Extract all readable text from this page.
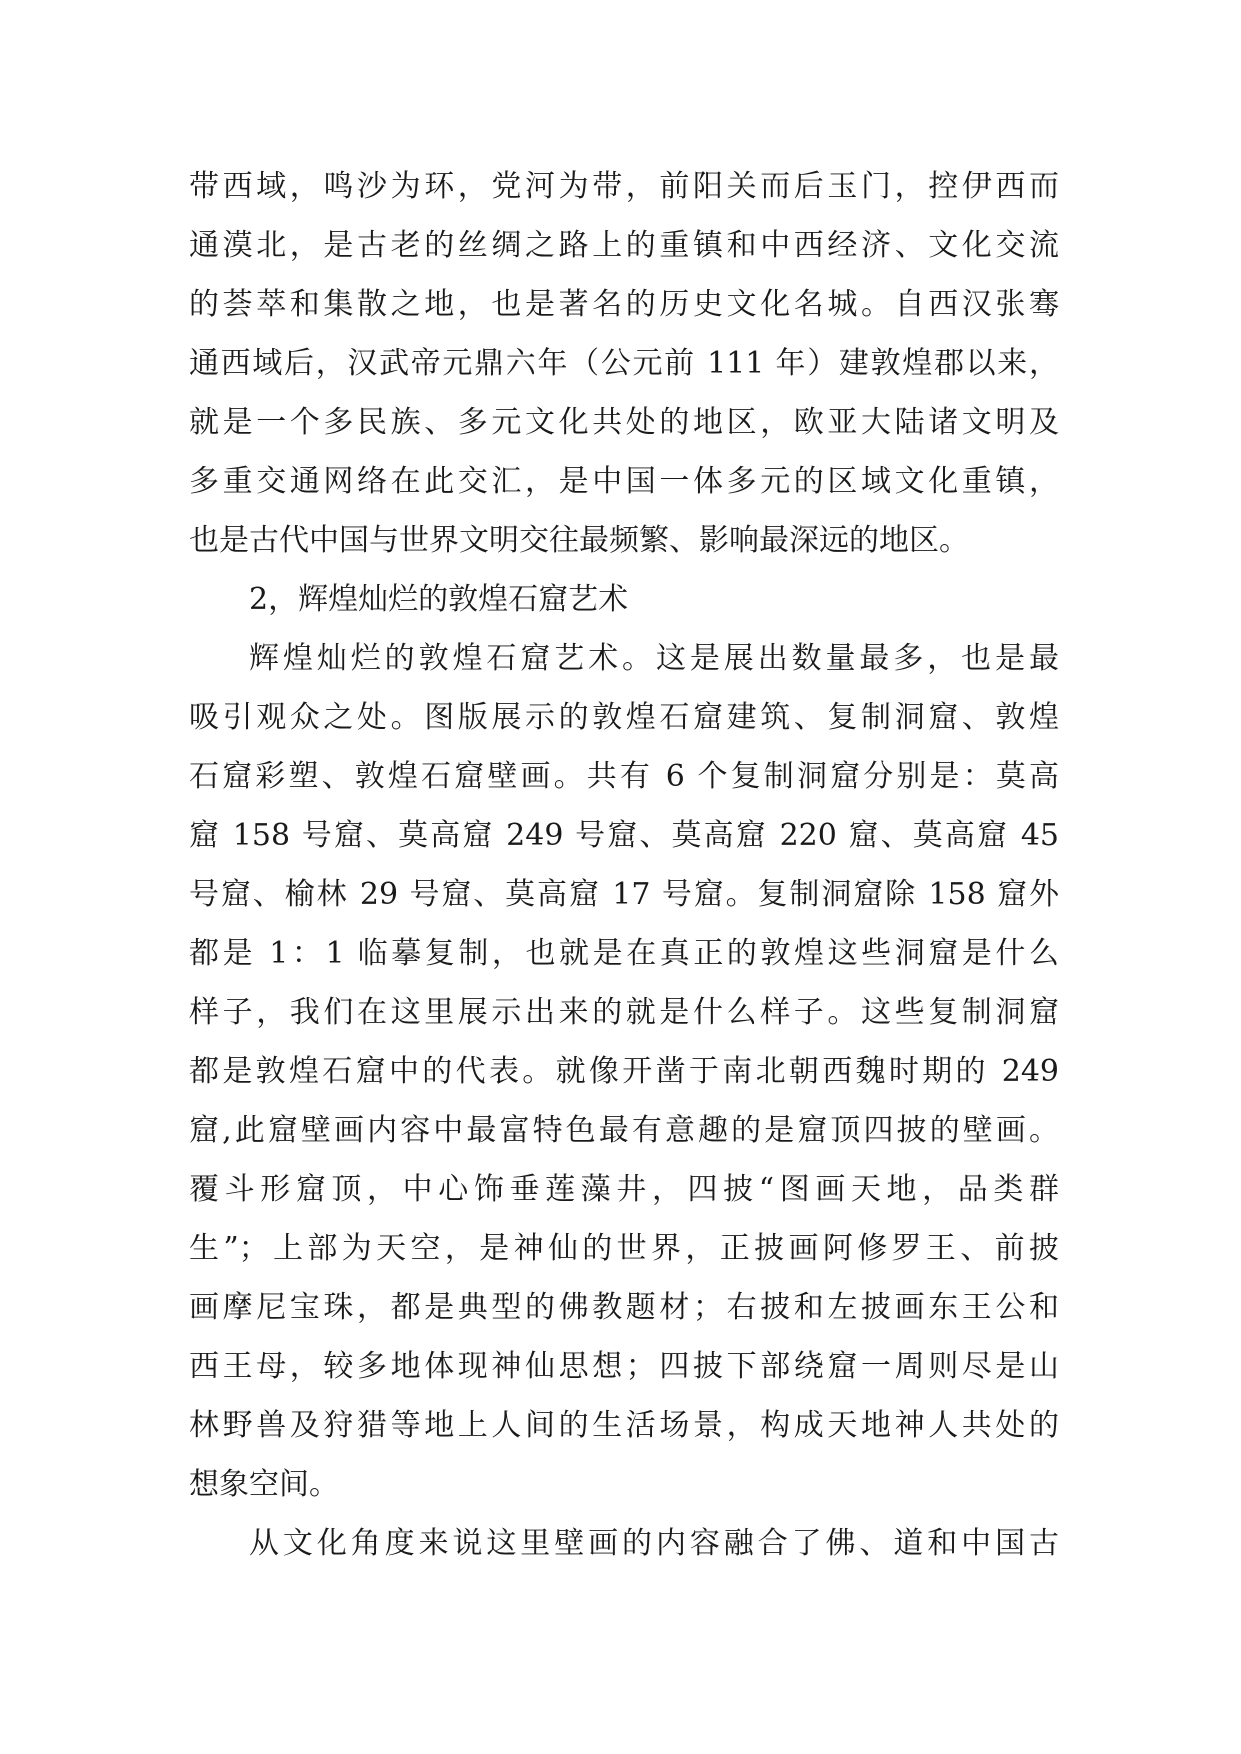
带西域，鸣沙为环，党河为带，前阳关而后玉门，控伊西而
通漠北，是古老的丝绸之路上的重镇和中西经济、文化交流
的荟萃和集散之地，也是著名的历史文化名城。自西汉张骞
通西域后，汉武帝元鼎六年（公元前 111 年）建敦煌郡以来，
就是一个多民族、多元文化共处的地区，欧亚大陆诸文明及
多重交通网络在此交汇，是中国一体多元的区域文化重镇，
也是古代中国与世界文明交往最频繁、影响最深远的地区。
2，辉煌灿烂的敦煌石窟艺术
辉煌灿烂的敦煌石窟艺术。这是展出数量最多，也是最
吸引观众之处。图版展示的敦煌石窟建筑、复制洞窟、敦煌
石窟彩塑、敦煌石窟壁画。共有 6 个复制洞窟分别是：莫高
窟 158 号窟、莫高窟 249 号窟、莫高窟 220 窟、莫高窟 45
号窟、榆林 29 号窟、莫高窟 17 号窟。复制洞窟除 158 窟外
都是 1：1 临摹复制，也就是在真正的敦煌这些洞窟是什么
样子，我们在这里展示出来的就是什么样子。这些复制洞窟
都是敦煌石窟中的代表。就像开凿于南北朝西魏时期的 249
窟,此窟壁画内容中最富特色最有意趣的是窟顶四披的壁画。
覆斗形窟顶，中心饰垂莲藻井，四披“图画天地，品类群
生”；上部为天空，是神仙的世界，正披画阿修罗王、前披
画摩尼宝珠，都是典型的佛教题材；右披和左披画东王公和
西王母，较多地体现神仙思想；四披下部绕窟一周则尽是山
林野兽及狩猎等地上人间的生活场景，构成天地神人共处的
想象空间。
从文化角度来说这里壁画的内容融合了佛、道和中国古
